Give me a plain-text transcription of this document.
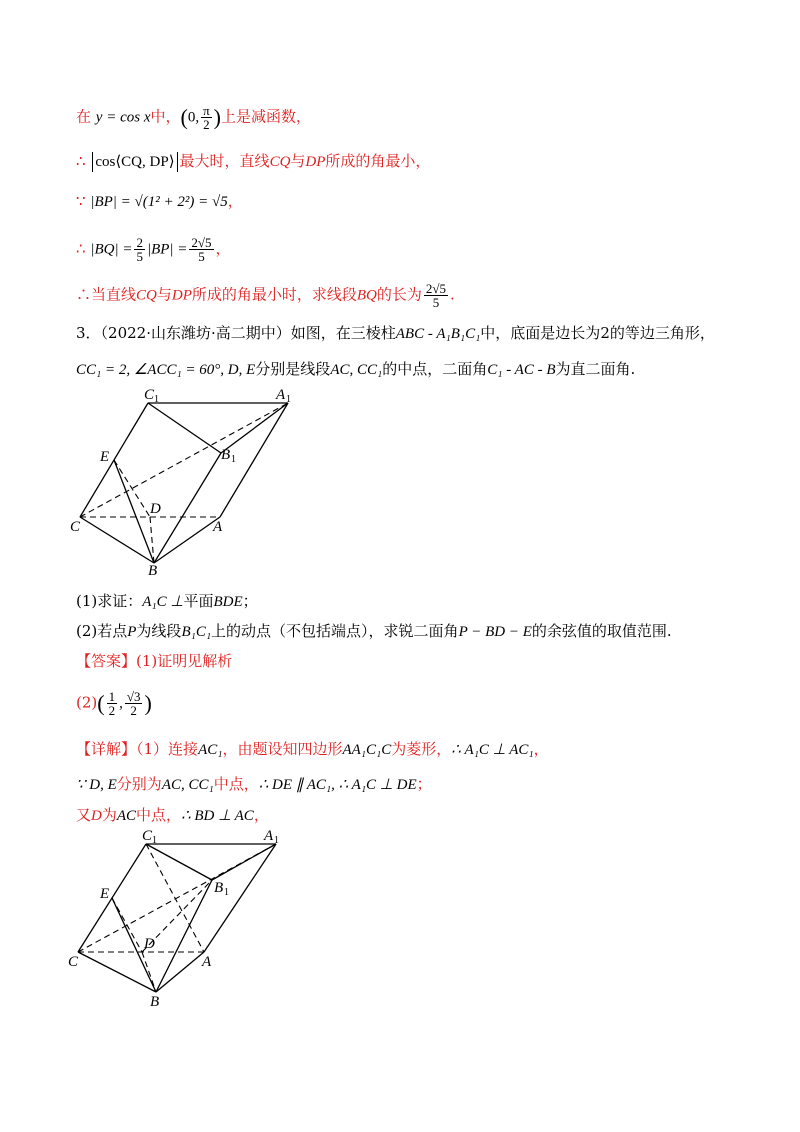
在 y = cos x中，(0, $\frac{\pi}{2}$ )上是减函数，
∴ cos⟨CQ, DP⟩ 最大时，直线CQ与DP所成的角最小，
∵ |BP| = √(1² + 2²) = √5，
∴ $|BQ| = \frac{2}{5} |BP| = \frac{2√5}{5}$ ，
∴当直线CQ与DP所成的角最小时，求线段BQ的长为 $\frac{2√5}{5}$ .
3．（2022·山东潍坊·高二期中）如图，在三棱柱ABC - A₁B₁C₁中，底面是边长为2的等边三角形，
CC₁ = 2, ∠ACC₁ = 60°, D, E分别是线段AC, CC₁的中点，二面角C₁ - AC - B为直二面角.
C 1	A 1
B 1
E
D
C	A
B
(1)求证：A₁C ⊥平面BDE；
(2)若点P为线段B₁C₁上的动点（不包括端点），求锐二面角P − BD − E的余弦值的取值范围.
【答案】(1)证明见解析
$(2)( \frac{1}{2}$ , $\frac{√3}{2}$ )
【详解】（1）连接AC₁，由题设知四边形AA₁C₁C为菱形，∴ A₁C ⊥ AC₁，
∵ D, E分别为AC, CC₁中点，∴ DE ∥ AC₁, ∴ A₁C ⊥ DE；
又D为AC中点，∴ BD ⊥ AC，
C 1	A 1
B 1
E
D
C	A
B
